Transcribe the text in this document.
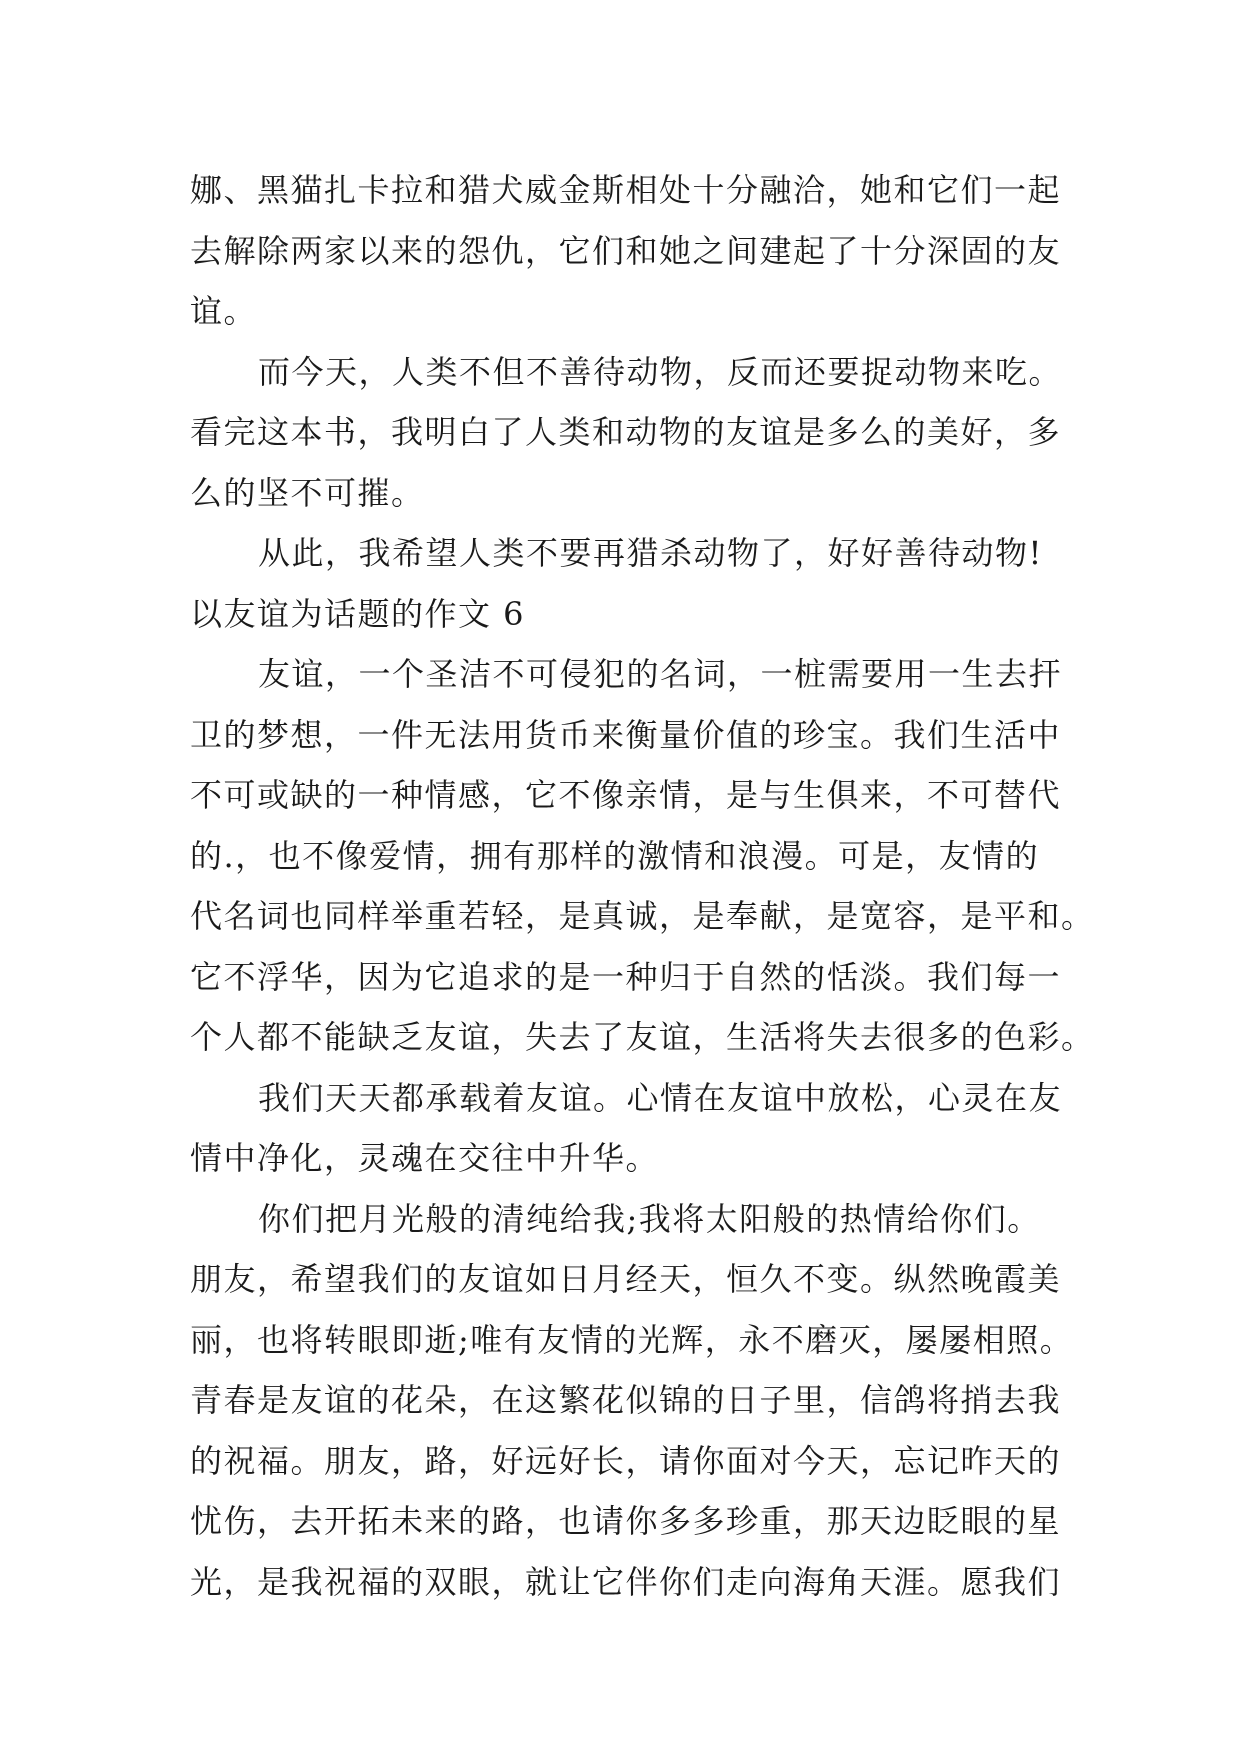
娜、黑猫扎卡拉和猎犬威金斯相处十分融洽，她和它们一起
去解除两家以来的怨仇，它们和她之间建起了十分深固的友
谊。
而今天，人类不但不善待动物，反而还要捉动物来吃。
看完这本书，我明白了人类和动物的友谊是多么的美好，多
么的坚不可摧。
从此，我希望人类不要再猎杀动物了，好好善待动物!
以友谊为话题的作文 6
友谊，一个圣洁不可侵犯的名词，一桩需要用一生去扞
卫的梦想，一件无法用货币来衡量价值的珍宝。我们生活中
不可或缺的一种情感，它不像亲情，是与生俱来，不可替代
的.，也不像爱情，拥有那样的激情和浪漫。可是，友情的
代名词也同样举重若轻，是真诚，是奉献，是宽容，是平和。
它不浮华，因为它追求的是一种归于自然的恬淡。我们每一
个人都不能缺乏友谊，失去了友谊，生活将失去很多的色彩。
我们天天都承载着友谊。心情在友谊中放松，心灵在友
情中净化，灵魂在交往中升华。
你们把月光般的清纯给我;我将太阳般的热情给你们。
朋友，希望我们的友谊如日月经天，恒久不变。纵然晚霞美
丽，也将转眼即逝;唯有友情的光辉，永不磨灭，屡屡相照。
青春是友谊的花朵，在这繁花似锦的日子里，信鸽将捎去我
的祝福。朋友，路，好远好长，请你面对今天，忘记昨天的
忧伤，去开拓未来的路，也请你多多珍重，那天边眨眼的星
光，是我祝福的双眼，就让它伴你们走向海角天涯。愿我们
